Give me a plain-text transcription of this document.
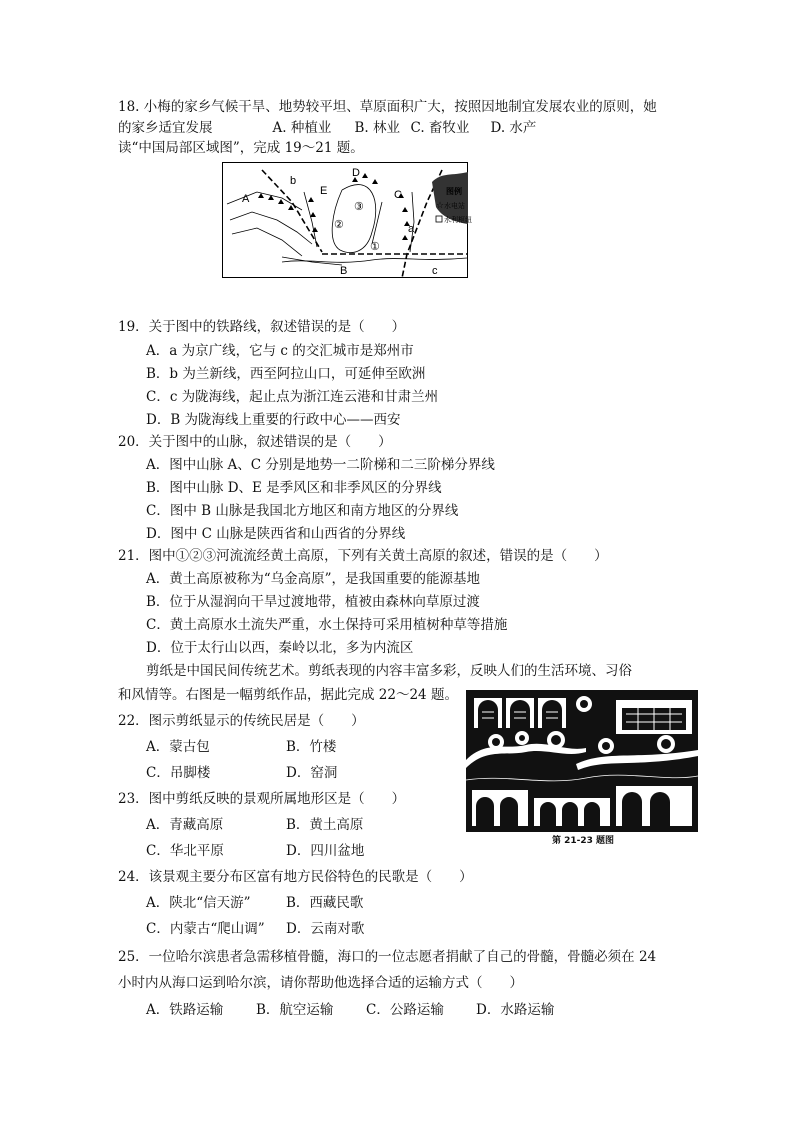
18. 小梅的家乡气候干旱、地势较平坦、草原面积广大，按照因地制宜发展农业的原则，她
的家乡适宜发展	A. 种植业 B. 林业 C. 畜牧业 D. 水产
读“中国局部区域图”，完成 19～21 题。
A
b
E
D
②
③
①
C
a
B	c
图例
☆ 水电站
水利枢纽
19．关于图中的铁路线，叙述错误的是（　　）
A．a 为京广线，它与 c 的交汇城市是郑州市
B．b 为兰新线，西至阿拉山口，可延伸至欧洲
C．c 为陇海线，起止点为浙江连云港和甘肃兰州
D．B 为陇海线上重要的行政中心——西安
20．关于图中的山脉，叙述错误的是（　　）
A．图中山脉 A、C 分别是地势一二阶梯和二三阶梯分界线
B．图中山脉 D、E 是季风区和非季风区的分界线
C．图中 B 山脉是我国北方地区和南方地区的分界线
D．图中 C 山脉是陕西省和山西省的分界线
21．图中①②③河流流经黄土高原，下列有关黄土高原的叙述，错误的是（　　）
A．黄土高原被称为“乌金高原”，是我国重要的能源基地
B．位于从湿润向干旱过渡地带，植被由森林向草原过渡
C．黄土高原水土流失严重，水土保持可采用植树种草等措施
D．位于太行山以西，秦岭以北，多为内流区
剪纸是中国民间传统艺术。剪纸表现的内容丰富多彩，反映人们的生活环境、习俗
和风情等。右图是一幅剪纸作品，据此完成 22～24 题。
第 21-23 题图
22．图示剪纸显示的传统民居是（　　）
A．蒙古包	B．竹楼
C．吊脚楼	D．窑洞
23．图中剪纸反映的景观所属地形区是（　　）
A．青藏高原	B．黄土高原
C．华北平原	D．四川盆地
24．该景观主要分布区富有地方民俗特色的民歌是（　　）
A．陕北“信天游”	B．西藏民歌
C．内蒙古“爬山调” D．云南对歌
25．一位哈尔滨患者急需移植骨髓，海口的一位志愿者捐献了自己的骨髓，骨髓必须在 24
小时内从海口运到哈尔滨，请你帮助他选择合适的运输方式（　　）
A．铁路运输 B．航空运输 C．公路运输 D．水路运输
